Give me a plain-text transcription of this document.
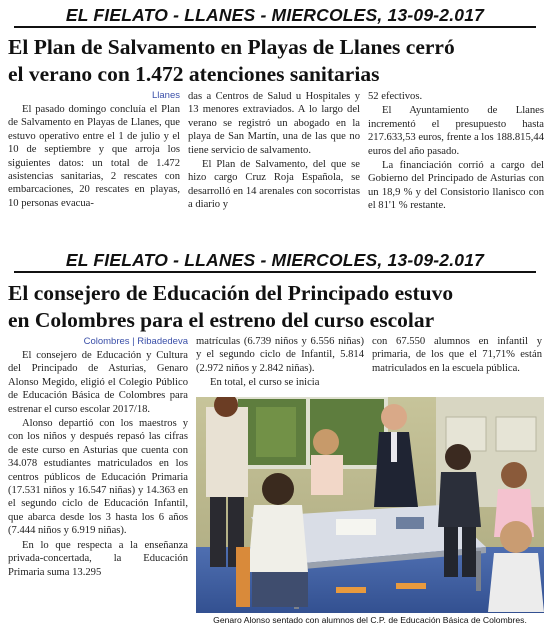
EL FIELATO - LLANES - MIERCOLES, 13-09-2.017
El Plan de Salvamento en Playas de Llanes cerró
el verano con 1.472 atenciones sanitarias
Llanes

El pasado domingo concluía el Plan de Salvamento en Playas de Llanes, que estuvo operativo entre el 1 de julio y el 10 de septiembre y que arroja los siguientes datos: un total de 1.472 asistencias sanitarias, 2 rescates con embarcaciones, 20 rescates en playas, 10 personas evacua-

das a Centros de Salud u Hospitales y 13 menores extraviados. A lo largo del verano se registró un abogado en la playa de San Martín, una de las que no tiene servicio de salvamento.

El Plan de Salvamento, del que se hizo cargo Cruz Roja Española, se desarrolló en 14 arenales con socorristas a diario y

52 efectivos.

El Ayuntamiento de Llanes incrementó el presupuesto hasta 217.633,53 euros, frente a los 188.815,44 euros del año pasado.

La financiación corrió a cargo del Gobierno del Principado de Asturias con un 18,9 % y del Consistorio llanisco con el 81'1 % restante.

EL FIELATO - LLANES - MIERCOLES, 13-09-2.017
El consejero de Educación del Principado estuvo
en Colombres para el estreno del curso escolar
Colombres | Ribadedeva

El consejero de Educación y Cultura del Principado de Asturias, Genaro Alonso Megido, eligió el Colegio Público de Educación Básica de Colombres para estrenar el curso escolar 2017/18.

Alonso departió con los maestros y con los niños y después repasó las cifras de este curso en Asturias que cuenta con 34.078 estudiantes matriculados en los centros públicos de Educación Primaria (17.531 niños y 16.547 niñas) y 14.363 en el segundo ciclo de Educación Infantil, que abarca desde los 3 hasta los 6 años (7.444 niños y 6.919 niñas).

En lo que respecta a la enseñanza privada-concertada, la Educación Primaria suma 13.295

matrículas (6.739 niños y 6.556 niñas) y el segundo ciclo de Infantil, 5.814 (2.972 niños y 2.842 niñas).

En total, el curso se inicia

con 67.550 alumnos en infantil y primaria, de los que el 71,71% están matriculados en la escuela pública.

Genaro Alonso sentado con alumnos del C.P. de Educación Básica de Colombres.
